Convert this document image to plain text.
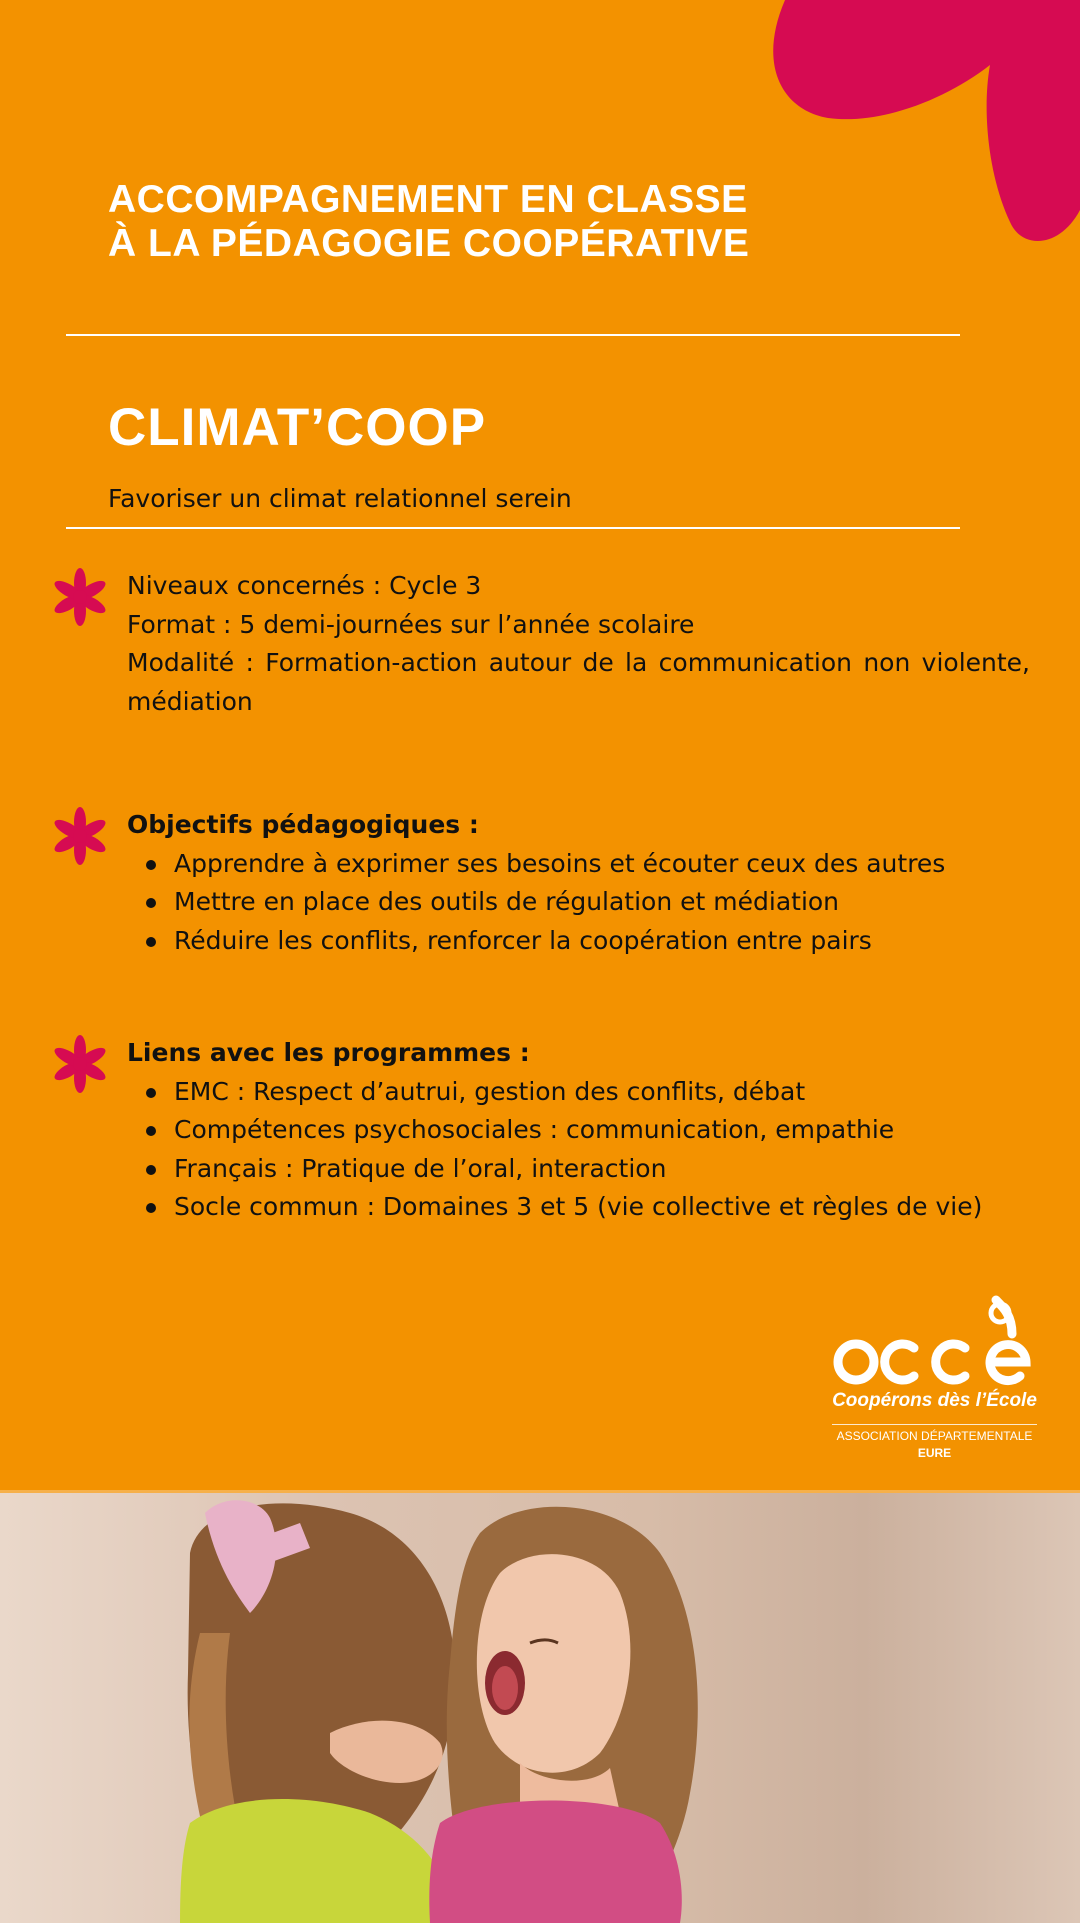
ACCOMPAGNEMENT EN CLASSE
À LA PÉDAGOGIE COOPÉRATIVE
CLIMAT’COOP

Favoriser un climat relationnel serein

Niveaux concernés : Cycle 3
Format : 5 demi-journées sur l’année scolaire
Modalité : Formation-action autour de la communication non violente, médiation
Objectifs pédagogiques :
Apprendre à exprimer ses besoins et écouter ceux des autres
Mettre en place des outils de régulation et médiation
Réduire les conflits, renforcer la coopération entre pairs
Liens avec les programmes :
EMC : Respect d’autrui, gestion des conflits, débat
Compétences psychosociales : communication, empathie
Français : Pratique de l’oral, interaction
Socle commun : Domaines 3 et 5 (vie collective et règles de vie)
Coopérons dès l’École
ASSOCIATION DÉPARTEMENTALE
EURE
